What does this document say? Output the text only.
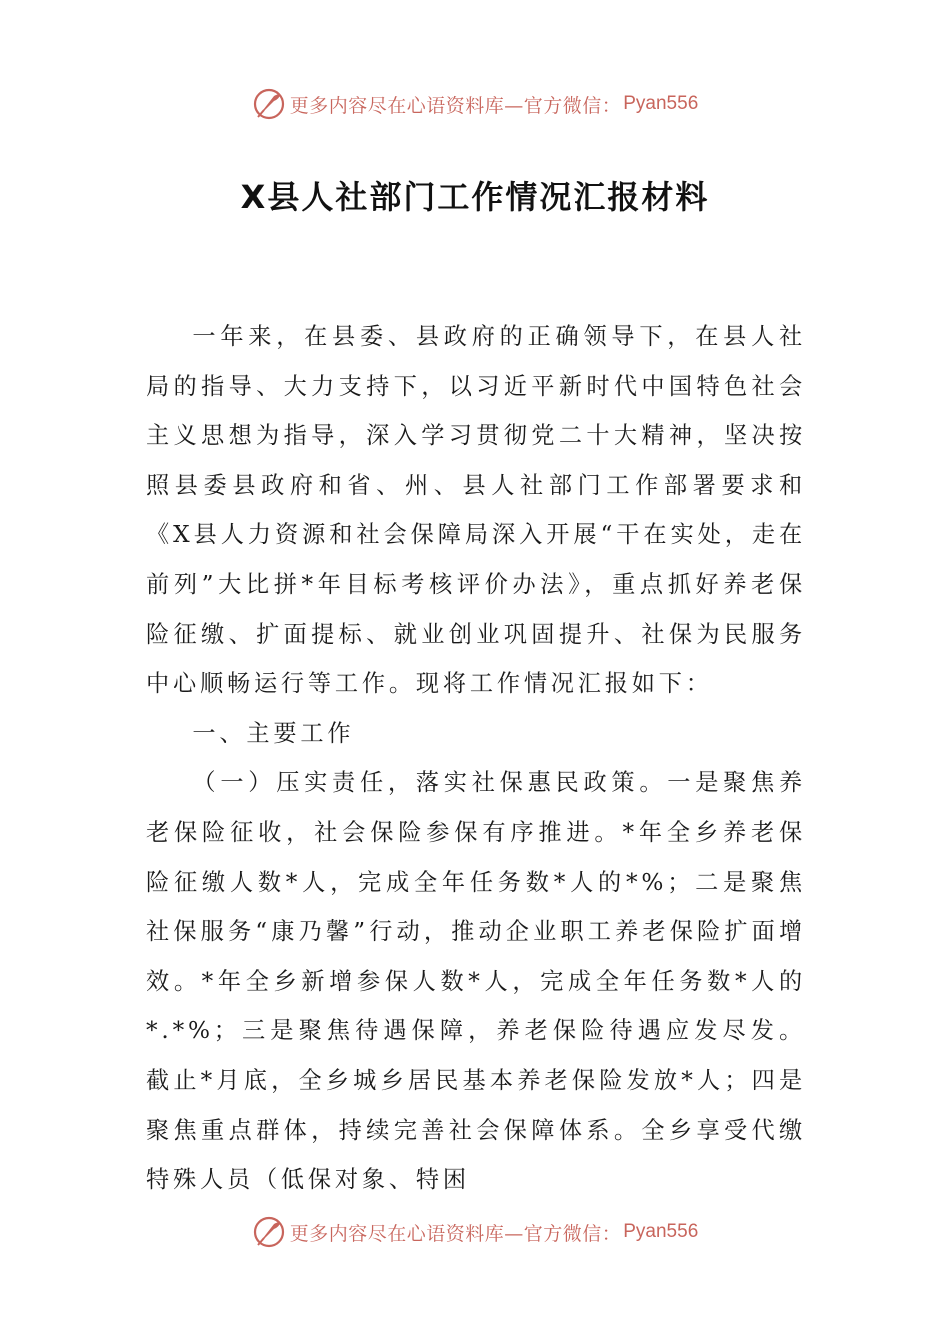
更多内容尽在心语资料库—官方微信： Pyan556
X县人社部门工作情况汇报材料

一年来，在县委、县政府的正确领导下，在县人社局的指导、大力支持下，以习近平新时代中国特色社会主义思想为指导，深入学习贯彻党二十大精神，坚决按照县委县政府和省、州、县人社部门工作部署要求和《X县人力资源和社会保障局深入开展“干在实处，走在前列”大比拼*年目标考核评价办法》，重点抓好养老保险征缴、扩面提标、就业创业巩固提升、社保为民服务中心顺畅运行等工作。现将工作情况汇报如下：

一、主要工作

（一）压实责任，落实社保惠民政策。一是聚焦养老保险征收，社会保险参保有序推进。*年全乡养老保险征缴人数*人，完成全年任务数*人的*%；二是聚焦社保服务“康乃馨”行动，推动企业职工养老保险扩面增效。*年全乡新增参保人数*人，完成全年任务数*人的*.*%；三是聚焦待遇保障，养老保险待遇应发尽发。截止*月底，全乡城乡居民基本养老保险发放*人；四是聚焦重点群体，持续完善社会保障体系。全乡享受代缴特殊人员（低保对象、特困

更多内容尽在心语资料库—官方微信： Pyan556
